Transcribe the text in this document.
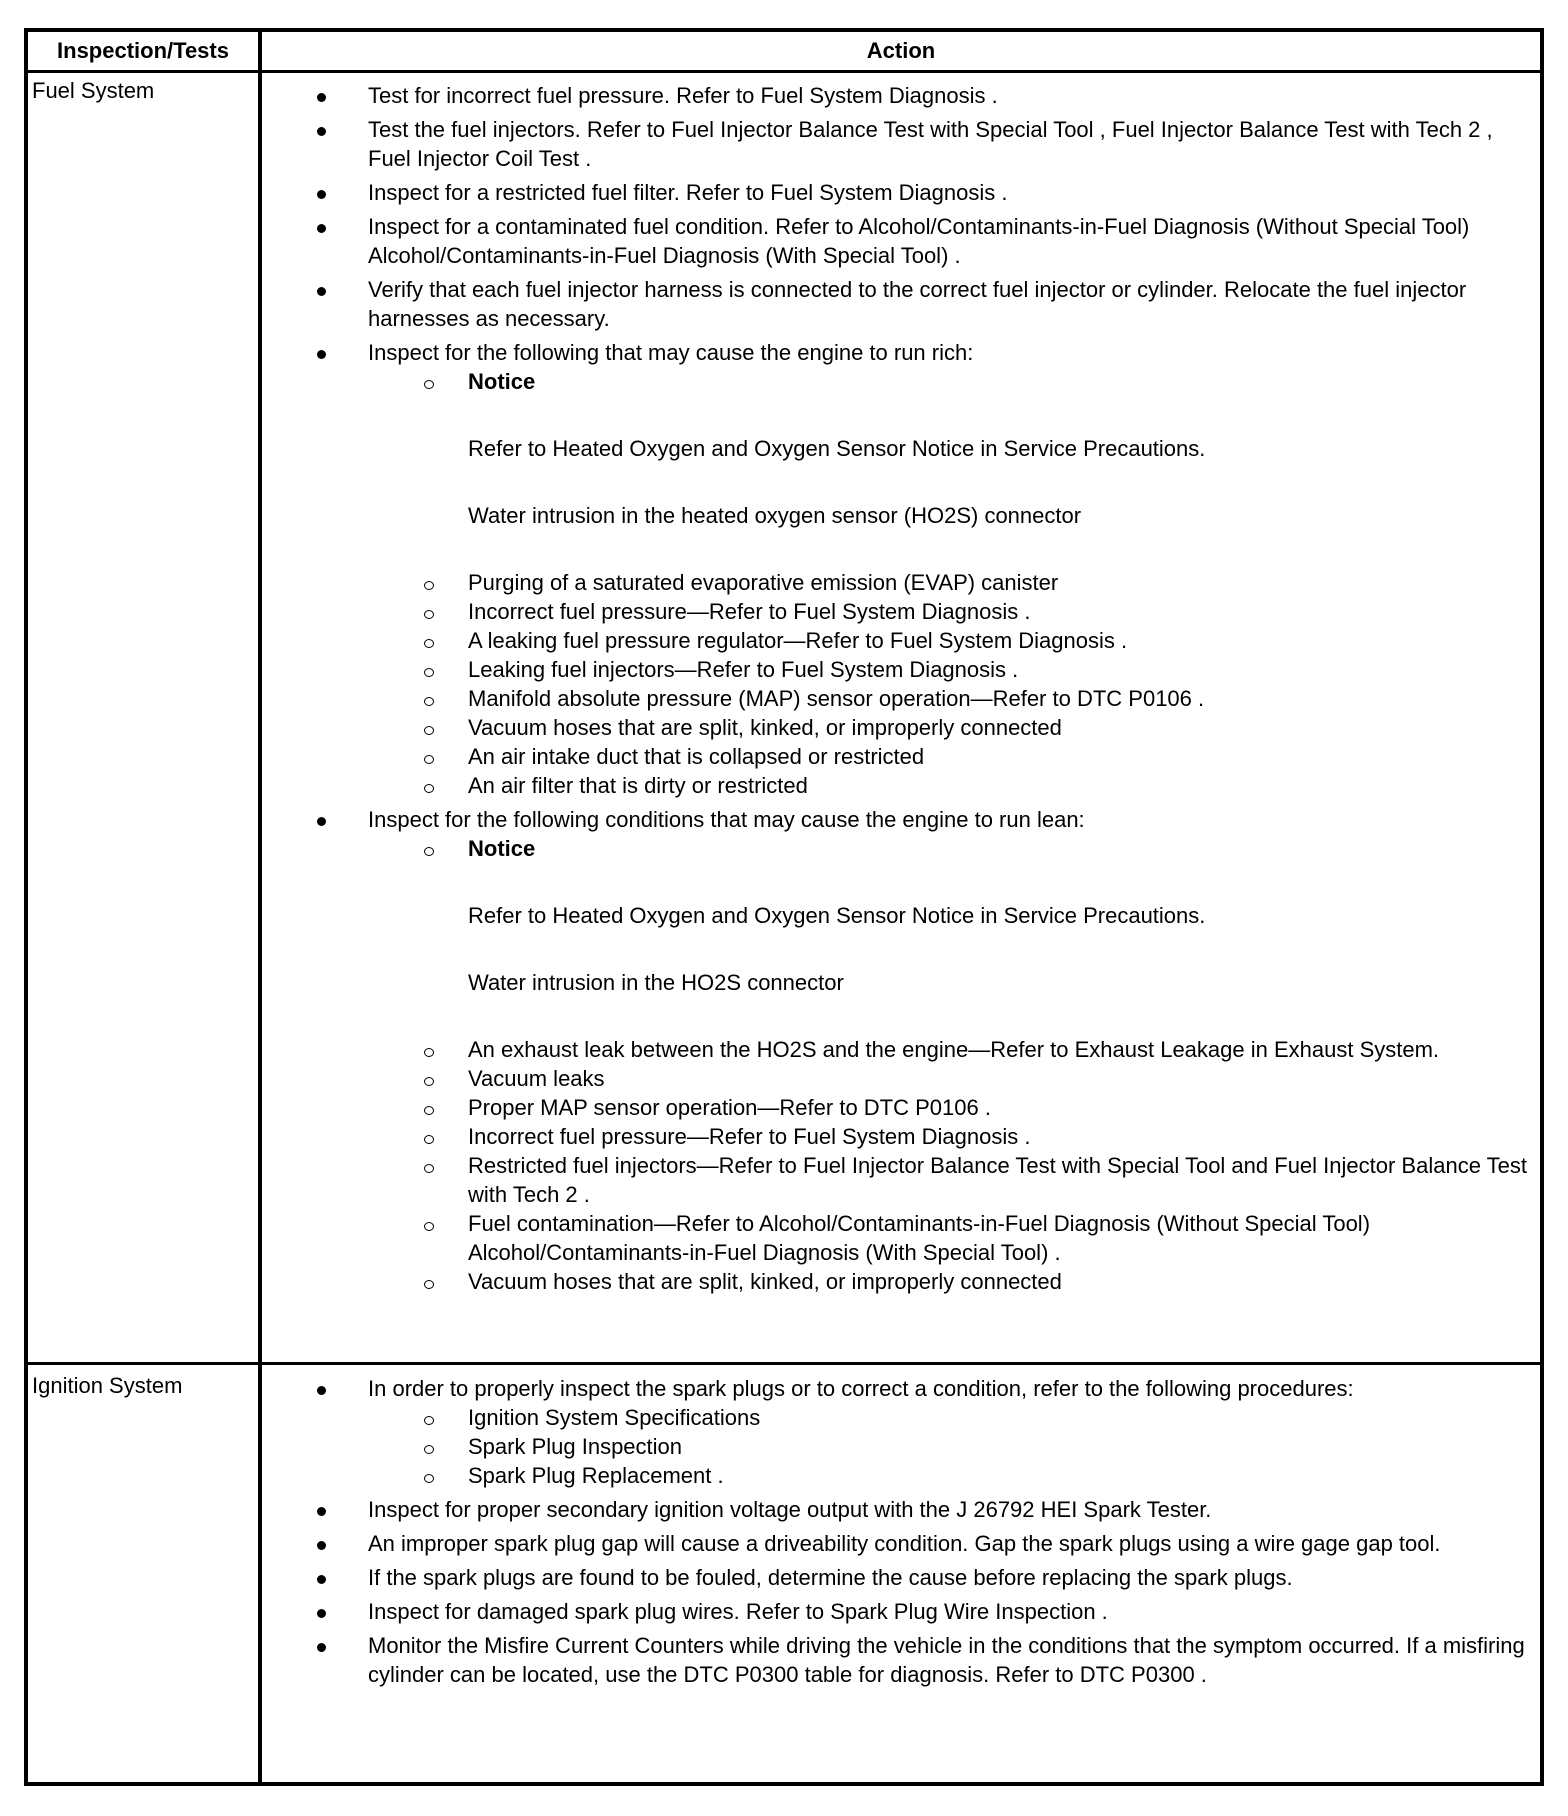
Inspection/Tests	Action
Fuel System	Test for incorrect fuel pressure. Refer to Fuel System Diagnosis .
Test the fuel injectors. Refer to Fuel Injector Balance Test with Special Tool , Fuel Injector Balance Test with Tech 2 , Fuel Injector Coil Test .
Inspect for a restricted fuel filter. Refer to Fuel System Diagnosis .
Inspect for a contaminated fuel condition. Refer to Alcohol/Contaminants-in-Fuel Diagnosis (Without Special Tool) Alcohol/Contaminants-in-Fuel Diagnosis (With Special Tool) .
Verify that each fuel injector harness is connected to the correct fuel injector or cylinder. Relocate the fuel injector harnesses as necessary.
Inspect for the following that may cause the engine to run rich:
Notice

Refer to Heated Oxygen and Oxygen Sensor Notice in Service Precautions.

Water intrusion in the heated oxygen sensor (HO2S) connector

Purging of a saturated evaporative emission (EVAP) canister
Incorrect fuel pressure—Refer to Fuel System Diagnosis .
A leaking fuel pressure regulator—Refer to Fuel System Diagnosis .
Leaking fuel injectors—Refer to Fuel System Diagnosis .
Manifold absolute pressure (MAP) sensor operation—Refer to DTC P0106 .
Vacuum hoses that are split, kinked, or improperly connected
An air intake duct that is collapsed or restricted
An air filter that is dirty or restricted
Inspect for the following conditions that may cause the engine to run lean:
Notice

Refer to Heated Oxygen and Oxygen Sensor Notice in Service Precautions.

Water intrusion in the HO2S connector

An exhaust leak between the HO2S and the engine—Refer to Exhaust Leakage in Exhaust System.
Vacuum leaks
Proper MAP sensor operation—Refer to DTC P0106 .
Incorrect fuel pressure—Refer to Fuel System Diagnosis .
Restricted fuel injectors—Refer to Fuel Injector Balance Test with Special Tool and Fuel Injector Balance Test with Tech 2 .
Fuel contamination—Refer to Alcohol/Contaminants-in-Fuel Diagnosis (Without Special Tool) Alcohol/Contaminants-in-Fuel Diagnosis (With Special Tool) .
Vacuum hoses that are split, kinked, or improperly connected
Ignition System	In order to properly inspect the spark plugs or to correct a condition, refer to the following procedures:
Ignition System Specifications
Spark Plug Inspection
Spark Plug Replacement .
Inspect for proper secondary ignition voltage output with the J 26792 HEI Spark Tester.
An improper spark plug gap will cause a driveability condition. Gap the spark plugs using a wire gage gap tool.
If the spark plugs are found to be fouled, determine the cause before replacing the spark plugs.
Inspect for damaged spark plug wires. Refer to Spark Plug Wire Inspection .
Monitor the Misfire Current Counters while driving the vehicle in the conditions that the symptom occurred. If a misfiring cylinder can be located, use the DTC P0300 table for diagnosis. Refer to DTC P0300 .
